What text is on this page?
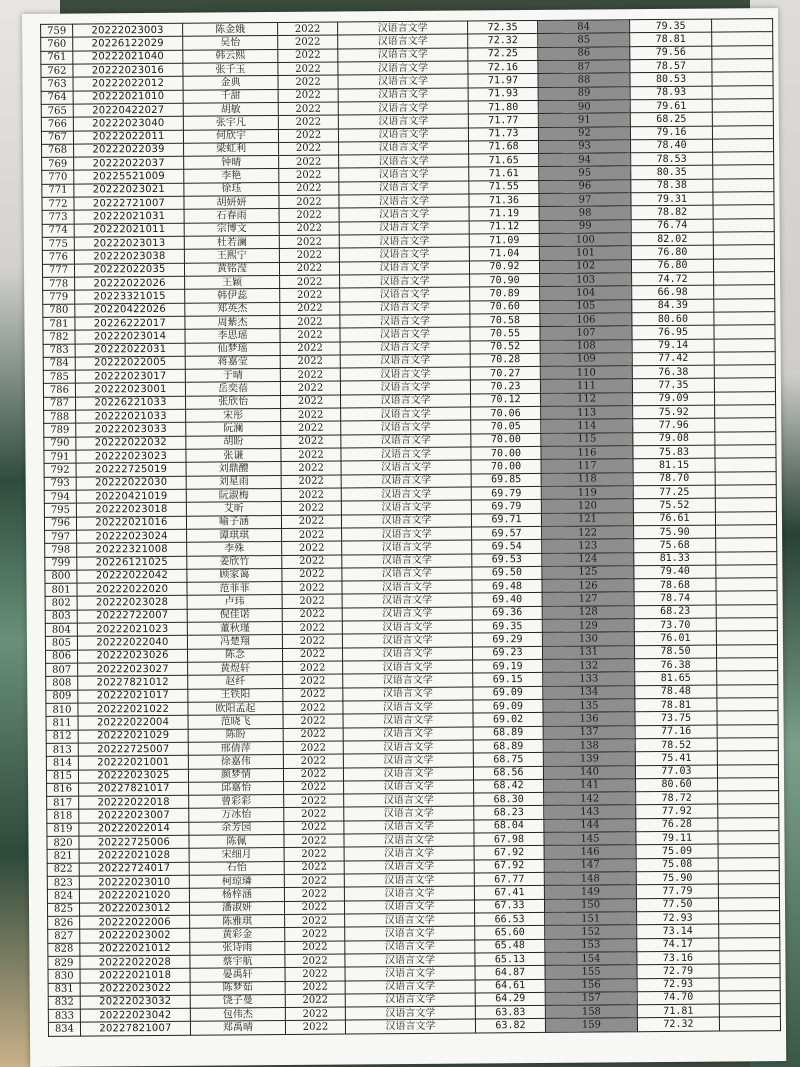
759	20222023003	陈金娥	2022	汉语言文学	72.35	84	79.35	
760	20226122029	吴怡	2022	汉语言文学	72.32	85	78.81	
761	20222021040	韩云熙	2022	汉语言文学	72.25	86	79.56	
762	20222023016	张千玉	2022	汉语言文学	72.16	87	78.57	
763	20222022012	金典	2022	汉语言文学	71.97	88	80.53	
764	20222021010	千甜	2022	汉语言文学	71.93	89	78.93	
765	20220422027	胡敏	2022	汉语言文学	71.80	90	79.61	
766	20222023040	张宇凡	2022	汉语言文学	71.77	91	68.25	
767	20222022011	何欣宇	2022	汉语言文学	71.73	92	79.16	
768	20222022039	梁虹利	2022	汉语言文学	71.68	93	78.40	
769	20222022037	钟晴	2022	汉语言文学	71.65	94	78.53	
770	20225521009	李艳	2022	汉语言文学	71.61	95	80.35	
771	20222023021	徐珏	2022	汉语言文学	71.55	96	78.38	
772	20222721007	胡妍妍	2022	汉语言文学	71.36	97	79.31	
773	20222021031	石春雨	2022	汉语言文学	71.19	98	78.82	
774	20222021011	宗博文	2022	汉语言文学	71.12	99	76.74	
775	20222023013	杜若澜	2022	汉语言文学	71.09	100	82.02	
776	20222023038	王熙宁	2022	汉语言文学	71.04	101	76.80	
777	20222022035	黄铭滢	2022	汉语言文学	70.92	102	76.80	
778	20222022026	王颖	2022	汉语言文学	70.90	103	74.72	
779	20223321015	韩伊蕊	2022	汉语言文学	70.89	104	66.98	
780	20220422026	郑英杰	2022	汉语言文学	70.60	105	84.39	
781	20226222017	周紫杰	2022	汉语言文学	70.58	106	80.60	
782	20222023014	李思瑶	2022	汉语言文学	70.55	107	76.95	
783	20222022031	仙梦瑶	2022	汉语言文学	70.52	108	79.14	
784	20222022005	蒋嘉莹	2022	汉语言文学	70.28	109	77.42	
785	20222023017	于晴	2022	汉语言文学	70.27	110	76.38	
786	20222023001	岳奕蓓	2022	汉语言文学	70.23	111	77.35	
787	20226221033	张欣怡	2022	汉语言文学	70.12	112	79.09	
788	20222021033	宋彤	2022	汉语言文学	70.06	113	75.92	
789	20222023033	阮澜	2022	汉语言文学	70.05	114	77.96	
790	20222022032	胡盼	2022	汉语言文学	70.00	115	79.08	
791	20222023023	张谦	2022	汉语言文学	70.00	116	75.83	
792	20222725019	刘鼎醴	2022	汉语言文学	70.00	117	81.15	
793	20222022030	刘星雨	2022	汉语言文学	69.85	118	78.70	
794	20220421019	阮淑梅	2022	汉语言文学	69.79	119	77.25	
795	20222023018	艾昕	2022	汉语言文学	69.79	120	75.52	
796	20222021016	喻子涵	2022	汉语言文学	69.71	121	76.61	
797	20222023024	谭琪琪	2022	汉语言文学	69.57	122	75.90	
798	20222321008	李殊	2022	汉语言文学	69.54	123	75.68	
799	20226121025	姜欣竹	2022	汉语言文学	69.53	124	81.33	
800	20222022042	顾家蔼	2022	汉语言文学	69.50	125	79.40	
801	20222022020	范菲菲	2022	汉语言文学	69.48	126	78.68	
802	20222023028	卢玮	2022	汉语言文学	69.40	127	78.74	
803	20222722007	倪佳诺	2022	汉语言文学	69.36	128	68.23	
804	20222021023	董秋瑾	2022	汉语言文学	69.35	129	73.70	
805	20222022040	冯楚翔	2022	汉语言文学	69.29	130	76.01	
806	20222023026	陈念	2022	汉语言文学	69.23	131	78.50	
807	20222023027	黄煜轩	2022	汉语言文学	69.19	132	76.38	
808	20227821012	赵纤	2022	汉语言文学	69.15	133	81.65	
809	20222021017	王铁阳	2022	汉语言文学	69.09	134	78.48	
810	20222021022	欧阳孟起	2022	汉语言文学	69.09	135	78.81	
811	20222022004	范晓飞	2022	汉语言文学	69.02	136	73.75	
812	20222021029	陈盼	2022	汉语言文学	68.89	137	77.16	
813	20222725007	邢倩萍	2022	汉语言文学	68.89	138	78.52	
814	20222021001	徐嘉伟	2022	汉语言文学	68.75	139	75.41	
815	20222023025	颜梦情	2022	汉语言文学	68.56	140	77.03	
816	20227821017	邱嘉怡	2022	汉语言文学	68.42	141	80.60	
817	20222022018	曾彩彩	2022	汉语言文学	68.30	142	78.72	
818	20222023007	万冰怡	2022	汉语言文学	68.23	143	77.92	
819	20222022014	余芳园	2022	汉语言文学	68.04	144	76.28	
820	20222725006	陈佩	2022	汉语言文学	67.98	145	79.11	
821	20222021028	宋细月	2022	汉语言文学	67.92	146	75.09	
822	20222724017	石怡	2022	汉语言文学	67.92	147	75.08	
823	20222023010	柯琼璘	2022	汉语言文学	67.77	148	75.90	
824	20222021020	杨梓涵	2022	汉语言文学	67.41	149	77.79	
825	20222023012	潘淑妍	2022	汉语言文学	67.33	150	77.50	
826	20222022006	陈雅琪	2022	汉语言文学	66.53	151	72.93	
827	20222023002	黄彩金	2022	汉语言文学	65.60	152	73.14	
828	20222021012	张诗雨	2022	汉语言文学	65.48	153	74.17	
829	20222022028	蔡宇航	2022	汉语言文学	65.13	154	73.16	
830	20222021018	晏禹轩	2022	汉语言文学	64.87	155	72.79	
831	20222023022	陈梦茹	2022	汉语言文学	64.61	156	72.93	
832	20222023032	饶子曼	2022	汉语言文学	64.29	157	74.70	
833	20222023042	包伟杰	2022	汉语言文学	63.83	158	71.81	
834	20227821007	郑禹晴	2022	汉语言文学	63.82	159	72.32	
